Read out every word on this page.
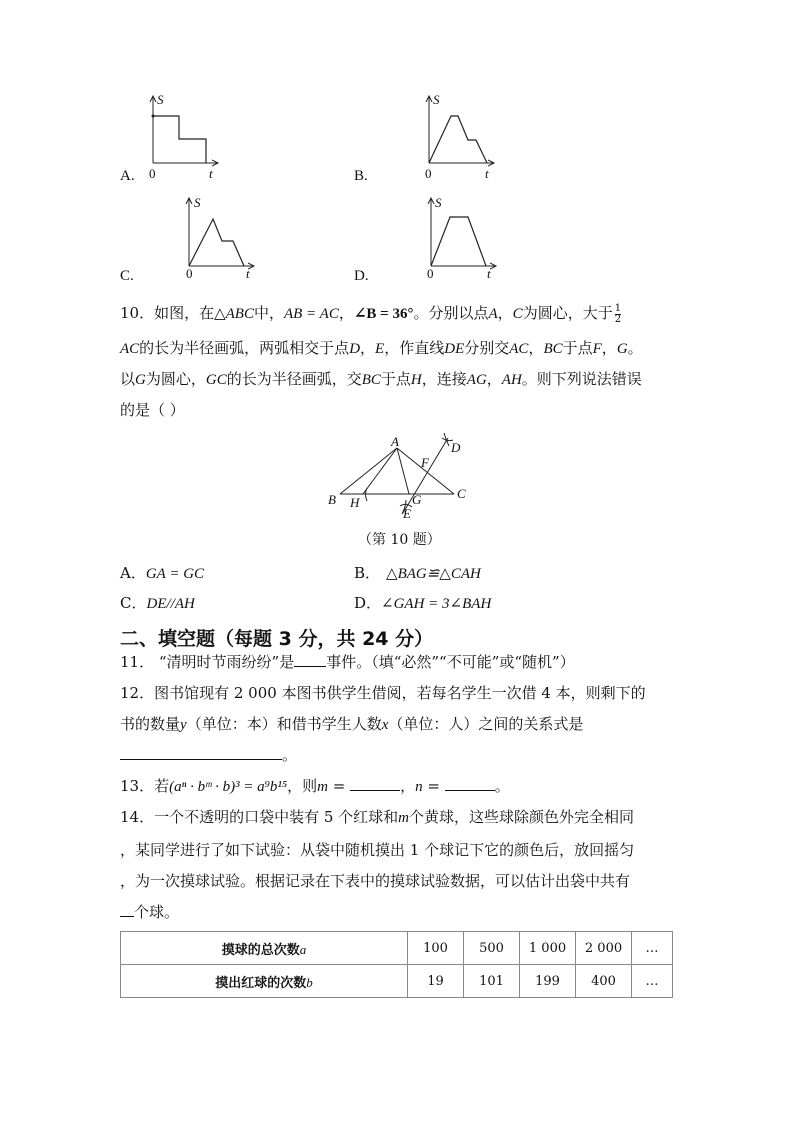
A.
S
0	t	B.
S
0	t
C.
S
0	t	D.
S
0	t
10．如图，在△ABC中，AB = AC，∠B = 36°。分别以点A，C为圆心，大于 $\frac{1}{2}$
AC的长为半径画弧，两弧相交于点D，E，作直线DE分别交AC，BC于点F，G。
以G为圆心，GC的长为半径画弧，交BC于点H，连接AG，AH。则下列说法错误
的是（ ）
A
B	C
D
E
F
G
H
（第 10 题）
A．GA = GC	B． △BAG≌△CAH
C．DE//AH	D．∠GAH = 3∠BAH
二、填空题（每题 3 分，共 24 分）
11． “清明时节雨纷纷”是 事件。（填“必然”“不可能”或“随机”）
12．图书馆现有 2 000 本图书供学生借阅，若每名学生一次借 4 本，则剩下的
书的数量y（单位：本）和借书学生人数x（单位：人）之间的关系式是
。
13．若(aⁿ · bᵐ · b)³ = a⁹b¹⁵，则m =	，n =	。
14．一个不透明的口袋中装有 5 个红球和m个黄球，这些球除颜色外完全相同
，某同学进行了如下试验：从袋中随机摸出 1 个球记下它的颜色后，放回摇匀
，为一次摸球试验。根据记录在下表中的摸球试验数据，可以估计出袋中共有
个球。
摸球的总次数a	100	500	1 000	2 000	…
摸出红球的次数b	19	101	199	400	…
